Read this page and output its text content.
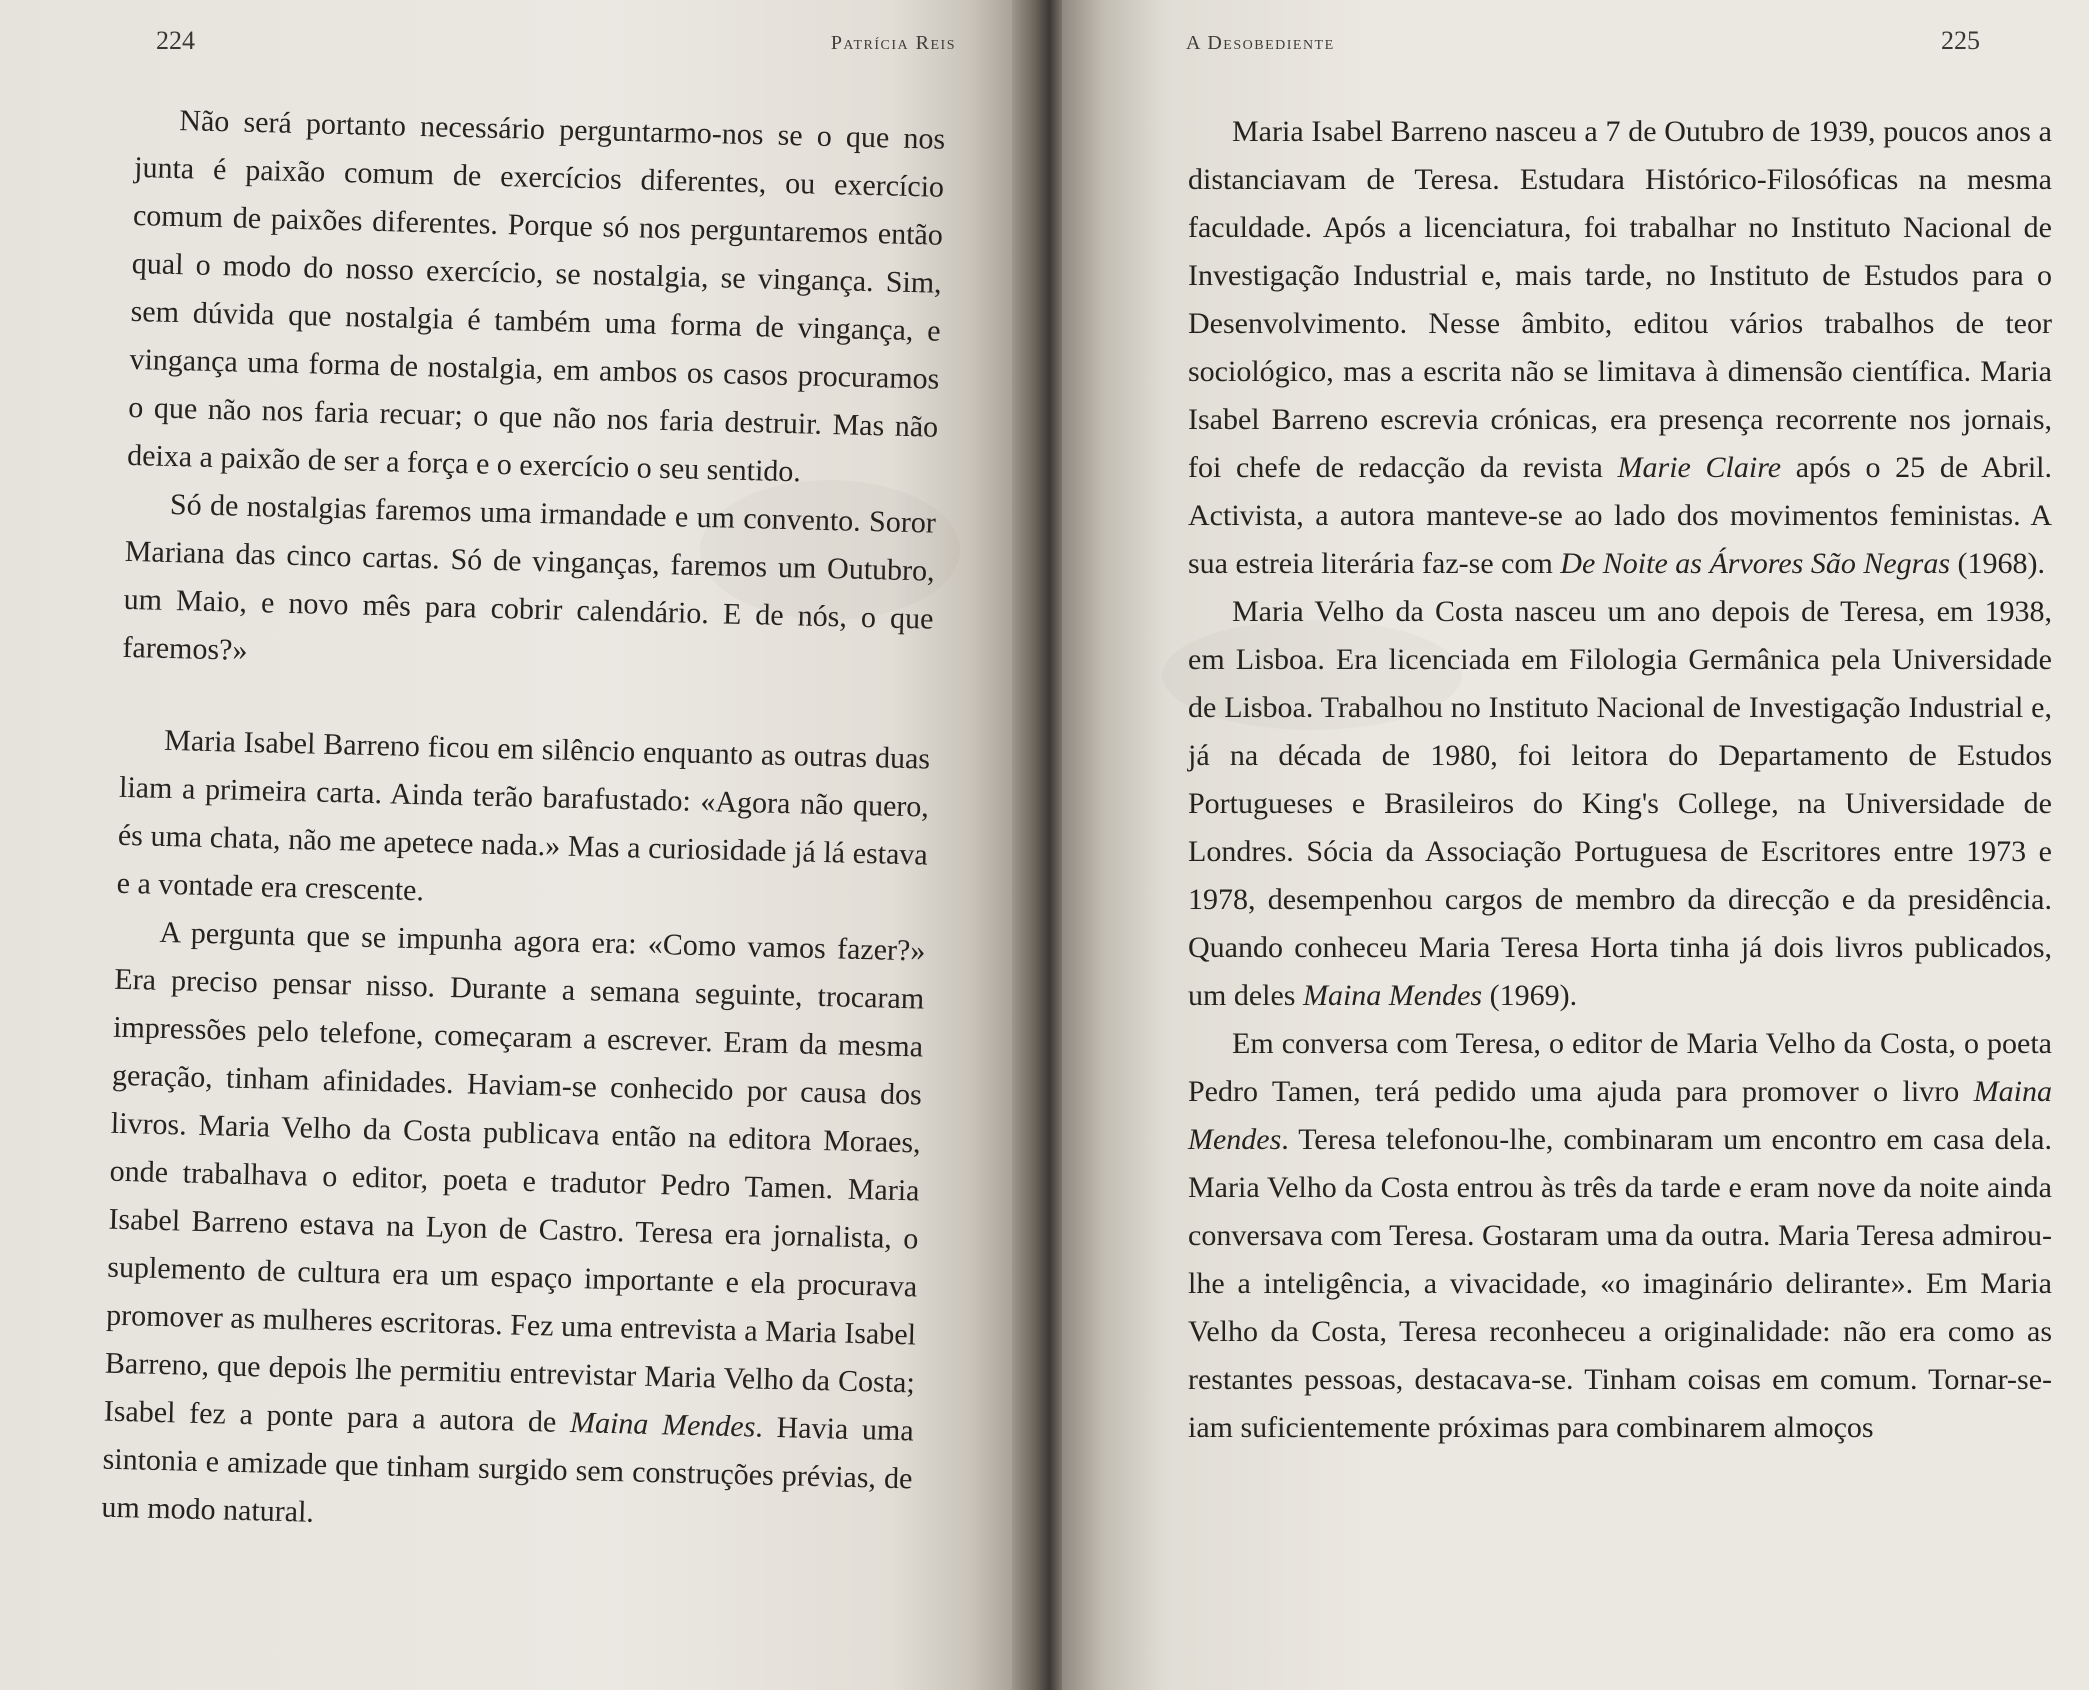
224	Patrícia Reis

Não será portanto necessário perguntarmo-nos se o que nos junta é paixão comum de exercícios diferentes, ou exercício comum de paixões diferentes. Porque só nos perguntaremos então qual o modo do nosso exercício, se nostalgia, se vingança. Sim, sem dúvida que nostalgia é também uma forma de vingança, e vingança uma forma de nostalgia, em ambos os casos procuramos o que não nos faria recuar; o que não nos faria destruir. Mas não deixa a paixão de ser a força e o exercício o seu sentido.

Só de nostalgias faremos uma irmandade e um convento. Soror Mariana das cinco cartas. Só de vinganças, faremos um Outubro, um Maio, e novo mês para cobrir calendário. E de nós, o que faremos?»

Maria Isabel Barreno ficou em silêncio enquanto as outras duas liam a primeira carta. Ainda terão barafustado: «Agora não quero, és uma chata, não me apetece nada.» Mas a curiosidade já lá estava e a vontade era crescente.

A pergunta que se impunha agora era: «Como vamos fazer?» Era preciso pensar nisso. Durante a semana seguinte, trocaram impressões pelo telefone, começaram a escrever. Eram da mesma geração, tinham afinidades. Haviam-se conhecido por causa dos livros. Maria Velho da Costa publicava então na editora Moraes, onde trabalhava o editor, poeta e tradutor Pedro Tamen. Maria Isabel Barreno estava na Lyon de Castro. Teresa era jornalista, o suplemento de cultura era um espaço importante e ela procurava promover as mulheres escritoras. Fez uma entrevista a Maria Isabel Barreno, que depois lhe permitiu entrevistar Maria Velho da Costa; Isabel fez a ponte para a autora de Maina Mendes. Havia uma sintonia e amizade que tinham surgido sem construções prévias, de um modo natural.

A Desobediente	225

Maria Isabel Barreno nasceu a 7 de Outubro de 1939, poucos anos a distanciavam de Teresa. Estudara Histórico-Filosóficas na mesma faculdade. Após a licenciatura, foi trabalhar no Instituto Nacional de Investigação Industrial e, mais tarde, no Instituto de Estudos para o Desenvolvimento. Nesse âmbito, editou vários trabalhos de teor sociológico, mas a escrita não se limitava à dimensão científica. Maria Isabel Barreno escrevia crónicas, era presença recorrente nos jornais, foi chefe de redacção da revista Marie Claire após o 25 de Abril. Activista, a autora manteve-se ao lado dos movimentos feministas. A sua estreia literária faz-se com De Noite as Árvores São Negras (1968).

Maria Velho da Costa nasceu um ano depois de Teresa, em 1938, em Lisboa. Era licenciada em Filologia Germânica pela Universidade de Lisboa. Trabalhou no Instituto Nacional de Investigação Industrial e, já na década de 1980, foi leitora do Departamento de Estudos Portugueses e Brasileiros do King's College, na Universidade de Londres. Sócia da Associação Portuguesa de Escritores entre 1973 e 1978, desempenhou cargos de membro da direcção e da presidência. Quando conheceu Maria Teresa Horta tinha já dois livros publicados, um deles Maina Mendes (1969).

Em conversa com Teresa, o editor de Maria Velho da Costa, o poeta Pedro Tamen, terá pedido uma ajuda para promover o livro Maina Mendes. Teresa telefonou-lhe, combinaram um encontro em casa dela. Maria Velho da Costa entrou às três da tarde e eram nove da noite ainda conversava com Teresa. Gostaram uma da outra. Maria Teresa admirou-lhe a inteligência, a vivacidade, «o imaginário delirante». Em Maria Velho da Costa, Teresa reconheceu a originalidade: não era como as restantes pessoas, destacava-se. Tinham coisas em comum. Tornar-se-iam suficientemente próximas para combinarem almoços
